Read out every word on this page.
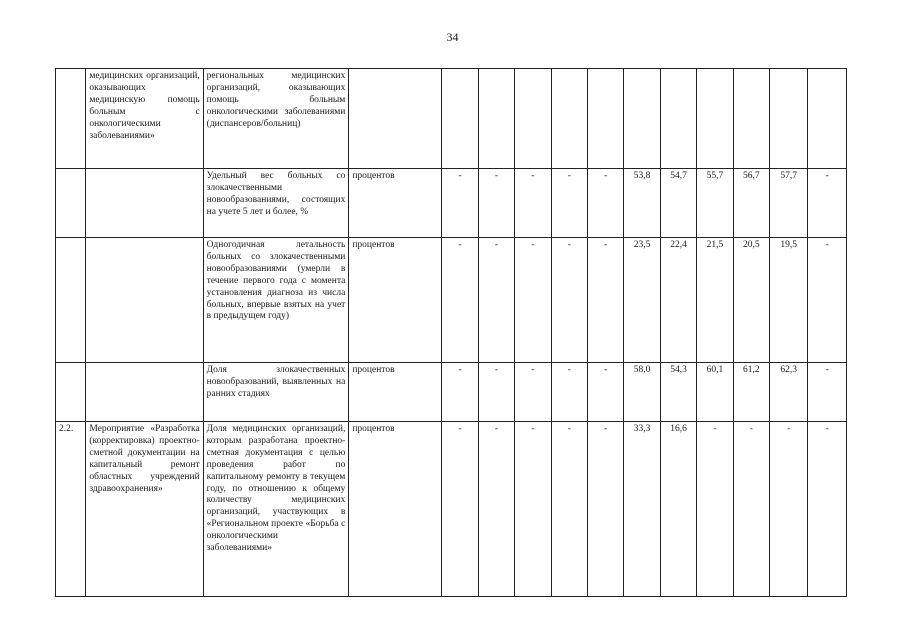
34
	медицинских организаций, оказывающих медицинскую помощь больным с онкологическими заболеваниями»	региональных медицинских организаций, оказывающих помощь больным онкологическими заболеваниями (диспансеров/больниц)												
		Удельный вес больных со злокачественными новообразованиями, состоящих на учете 5 лет и более, %	процентов	-	-	-	-	-	53,8	54,7	55,7	56,7	57,7	-
		Одногодичная летальность больных со злокачественными новообразованиями (умерли в течение первого года с момента установления диагноза из числа больных, впервые взятых на учет в предыдущем году)	процентов	-	-	-	-	-	23,5	22,4	21,5	20,5	19,5	-
		Доля злокачественных новообразований, выявленных на ранних стадиях	процентов	-	-	-	-	-	58,0	54,3	60,1	61,2	62,3	-
2.2.	Мероприятие «Разработка (корректировка) проектно-сметной документации на капитальный ремонт областных учреждений здравоохранения»	Доля медицинских организаций, которым разработана проектно-сметная документация с целью проведения работ по капитальному ремонту в текущем году, по отношению к общему количеству медицинских организаций, участвующих в «Региональном проекте «Борьба с онкологическими заболеваниями»	процентов	-	-	-	-	-	33,3	16,6	-	-	-	-
